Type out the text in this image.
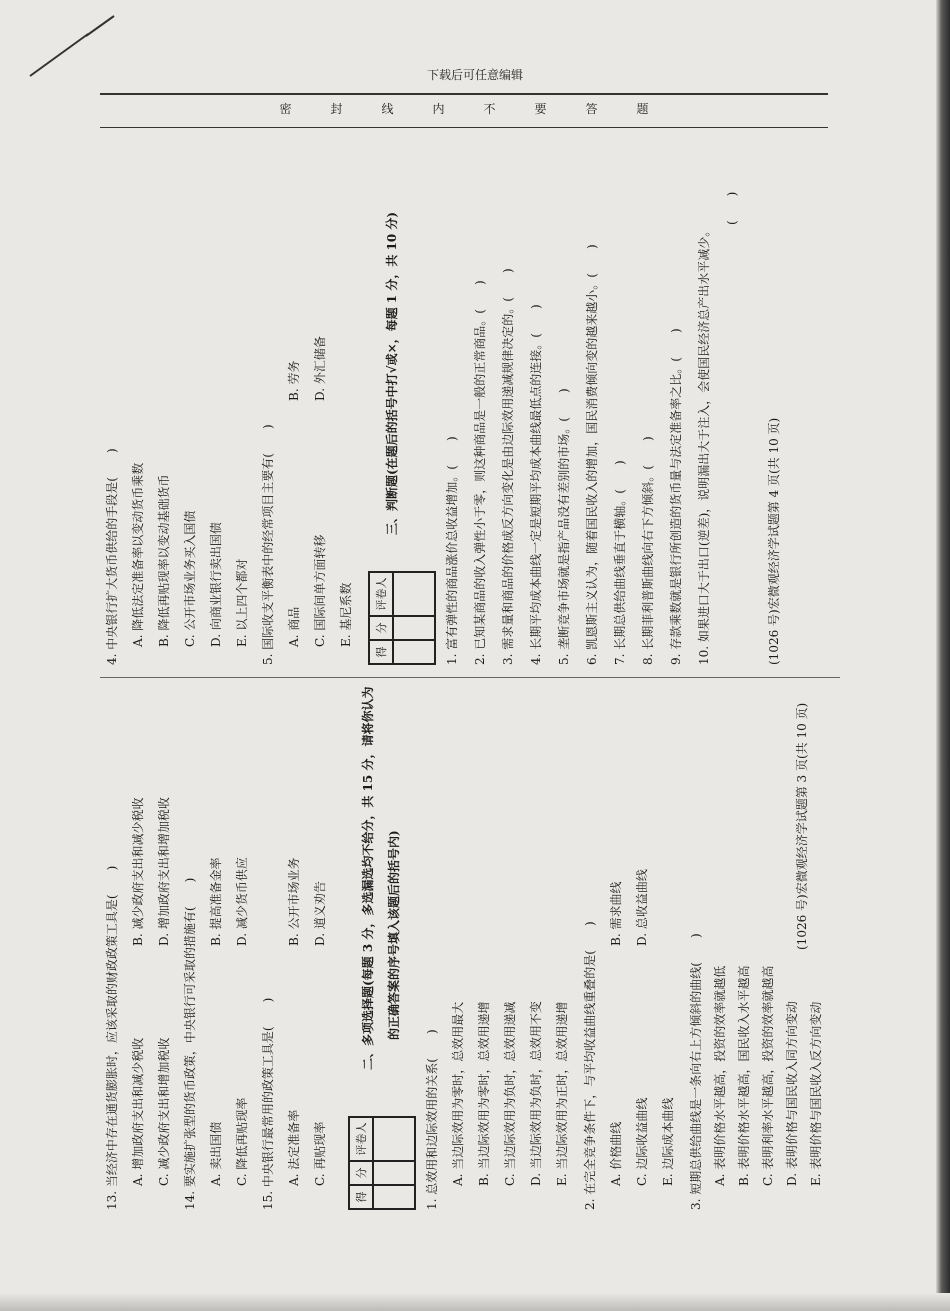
下载后可任意编辑
密	封	线	内	不	要	答	题
13. 当经济中存在通货膨胀时，应该采取的财政政策工具是(　　) A. 增加政府支出和减少税收
B. 减少政府支出和减少税收
C. 减少政府支出和增加税收
D. 增加政府支出和增加税收
14. 要实施扩张型的货币政策，中央银行可采取的措施有(　　) A. 卖出国债
B. 提高准备金率
C. 降低再贴现率
D. 减少货币供应
15. 中央银行最常用的政策工具是(　　) A. 法定准备率
B. 公开市场业务
C. 再贴现率
D. 道义劝告
得
分
评卷人
二、多项选择题(每题 3 分，多选漏选均不给分，共 15 分，请将你认为 的正确答案的序号填入该题后的括号内)
1. 总效用和边际效用的关系(　　) A. 当边际效用为零时，总效用最大 B. 当边际效用为零时，总效用递增 C. 当边际效用为负时，总效用递减 D. 当边际效用为负时，总效用不变 E. 当边际效用为正时，总效用递增 2. 在完全竞争条件下，与平均收益曲线重叠的是(　　) A. 价格曲线
B. 需求曲线
C. 边际收益曲线
D. 总收益曲线
E. 边际成本曲线 3. 短期总供给曲线是一条向右上方倾斜的曲线(　　) A. 表明价格水平越高，投资的效率就越低 B. 表明价格水平越高，国民收入水平越高 C. 表明利率水平越高，投资的效率就越高 D. 表明价格与国民收入同方向变动 E. 表明价格与国民收入反方向变动
(1026 号)宏微观经济学试题第 3 页(共 10 页)
4. 中央银行扩大货币供给的手段是(　　) A. 降低法定准备率以变动货币乘数 B. 降低再贴现率以变动基础货币 C. 公开市场业务买入国债 D. 向商业银行卖出国债 E. 以上四个都对 5. 国际收支平衡表中的经常项目主要有(　　) A. 商品
B. 劳务
C. 国际间单方面转移
D. 外汇储备
E. 基尼系数
得
分
评卷人
三、判断题(在题后的括号中打√或×，每题 1 分，共 10 分)
1. 富有弹性的商品涨价总收益增加。(　　) 2. 已知某商品的收入弹性小于零，则这种商品是一般的正常商品。(　　) 3. 需求量和商品的价格成反方向变化是由边际效用递减规律决定的。(　　) 4. 长期平均成本曲线一定是短期平均成本曲线最低点的连接。(　　) 5. 垄断竞争市场就是指产品没有差别的市场。(　　) 6. 凯恩斯主义认为，随着国民收入的增加，国民消费倾向变的越来越小。(　　) 7. 长期总供给曲线垂直于横轴。(　　) 8. 长期菲利普斯曲线向右下方倾斜。(　　) 9. 存款乘数就是银行所创造的货币量与法定准备率之比。(　　) 10. 如果进口大于出口(逆差)，说明漏出大于注入，会使国民经济总产出水平减少。
(　　)
(1026 号)宏微观经济学试题第 4 页(共 10 页)
